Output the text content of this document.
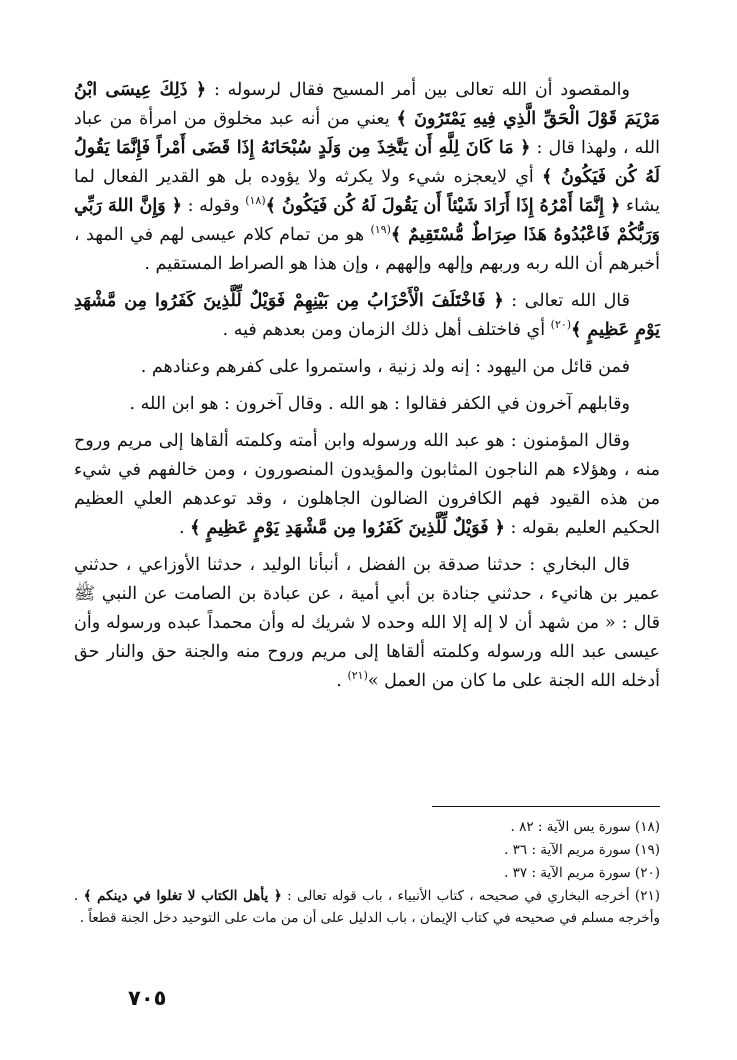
والمقصود أن الله تعالى بين أمر المسيح فقال لرسوله : ﴿ ذَلِكَ عِيسَى ابْنُ مَرْيَمَ قَوْلَ الْحَقِّ الَّذِي فِيهِ يَمْتَرُونَ ﴾ يعني من أنه عبد مخلوق من امرأة من عباد الله ، ولهذا قال : ﴿ مَا كَانَ لِلَّهِ أَن يَتَّخِذَ مِن وَلَدٍ سُبْحَانَهُ إِذَا قَضَى أَمْراً فَإِنَّمَا يَقُولُ لَهُ كُن فَيَكُونُ ﴾ أي لايعجزه شيء ولا يكرثه ولا يؤوده بل هو القدير الفعال لما يشاء ﴿ إِنَّمَا أَمْرُهُ إِذَا أَرَادَ شَيْئاً أَن يَقُولَ لَهُ كُن فَيَكُونُ ﴾$^{(١٨)}$ وقوله : ﴿ وَإِنَّ اللهَ رَبِّي وَرَبُّكُمْ فَاعْبُدُوهُ هَذَا صِرَاطٌ مُّسْتَقِيمٌ ﴾$^{(١٩)}$ هو من تمام كلام عيسى لهم في المهد ، أخبرهم أن الله ربه وربهم وإلهه وإلههم ، وإن هذا هو الصراط المستقيم .

قال الله تعالى : ﴿ فَاخْتَلَفَ الْأَحْزَابُ مِن بَيْنِهِمْ فَوَيْلٌ لِّلَّذِينَ كَفَرُوا مِن مَّشْهَدِ يَوْمٍ عَظِيمٍ ﴾$^{(٢٠)}$ أي فاختلف أهل ذلك الزمان ومن بعدهم فيه .

فمن قائل من اليهود : إنه ولد زنية ، واستمروا على كفرهم وعنادهم .

وقابلهم آخرون في الكفر فقالوا : هو الله . وقال آخرون : هو ابن الله .

وقال المؤمنون : هو عبد الله ورسوله وابن أمته وكلمته ألقاها إلى مريم وروح منه ، وهؤلاء هم الناجون المثابون والمؤيدون المنصورون ، ومن خالفهم في شيء من هذه القيود فهم الكافرون الضالون الجاهلون ، وقد توعدهم العلي العظيم الحكيم العليم بقوله : ﴿ فَوَيْلٌ لِّلَّذِينَ كَفَرُوا مِن مَّشْهَدِ يَوْمٍ عَظِيمٍ ﴾ .

قال البخاري : حدثنا صدقة بن الفضل ، أنبأنا الوليد ، حدثنا الأوزاعي ، حدثني عمير بن هانيء ، حدثني جنادة بن أبي أمية ، عن عبادة بن الصامت عن النبي ﷺ قال : « من شهد أن لا إله إلا الله وحده لا شريك له وأن محمداً عبده ورسوله وأن عيسى عبد الله ورسوله وكلمته ألقاها إلى مريم وروح منه والجنة حق والنار حق أدخله الله الجنة على ما كان من العمل »$^{(٢١)}$ .

(١٨) سورة يس الآية : ٨٢ .

(١٩) سورة مريم الآية : ٣٦ .

(٢٠) سورة مريم الآية : ٣٧ .

(٢١) أخرجه البخاري في صحيحه ، كتاب الأنبياء ، باب قوله تعالى : ﴿ يأهل الكتاب لا تغلوا في دينكم ﴾ . وأخرجه مسلم في صحيحه في كتاب الإيمان ، باب الدليل على أن من مات على التوحيد دخل الجنة قطعاً .

٧٠٥
